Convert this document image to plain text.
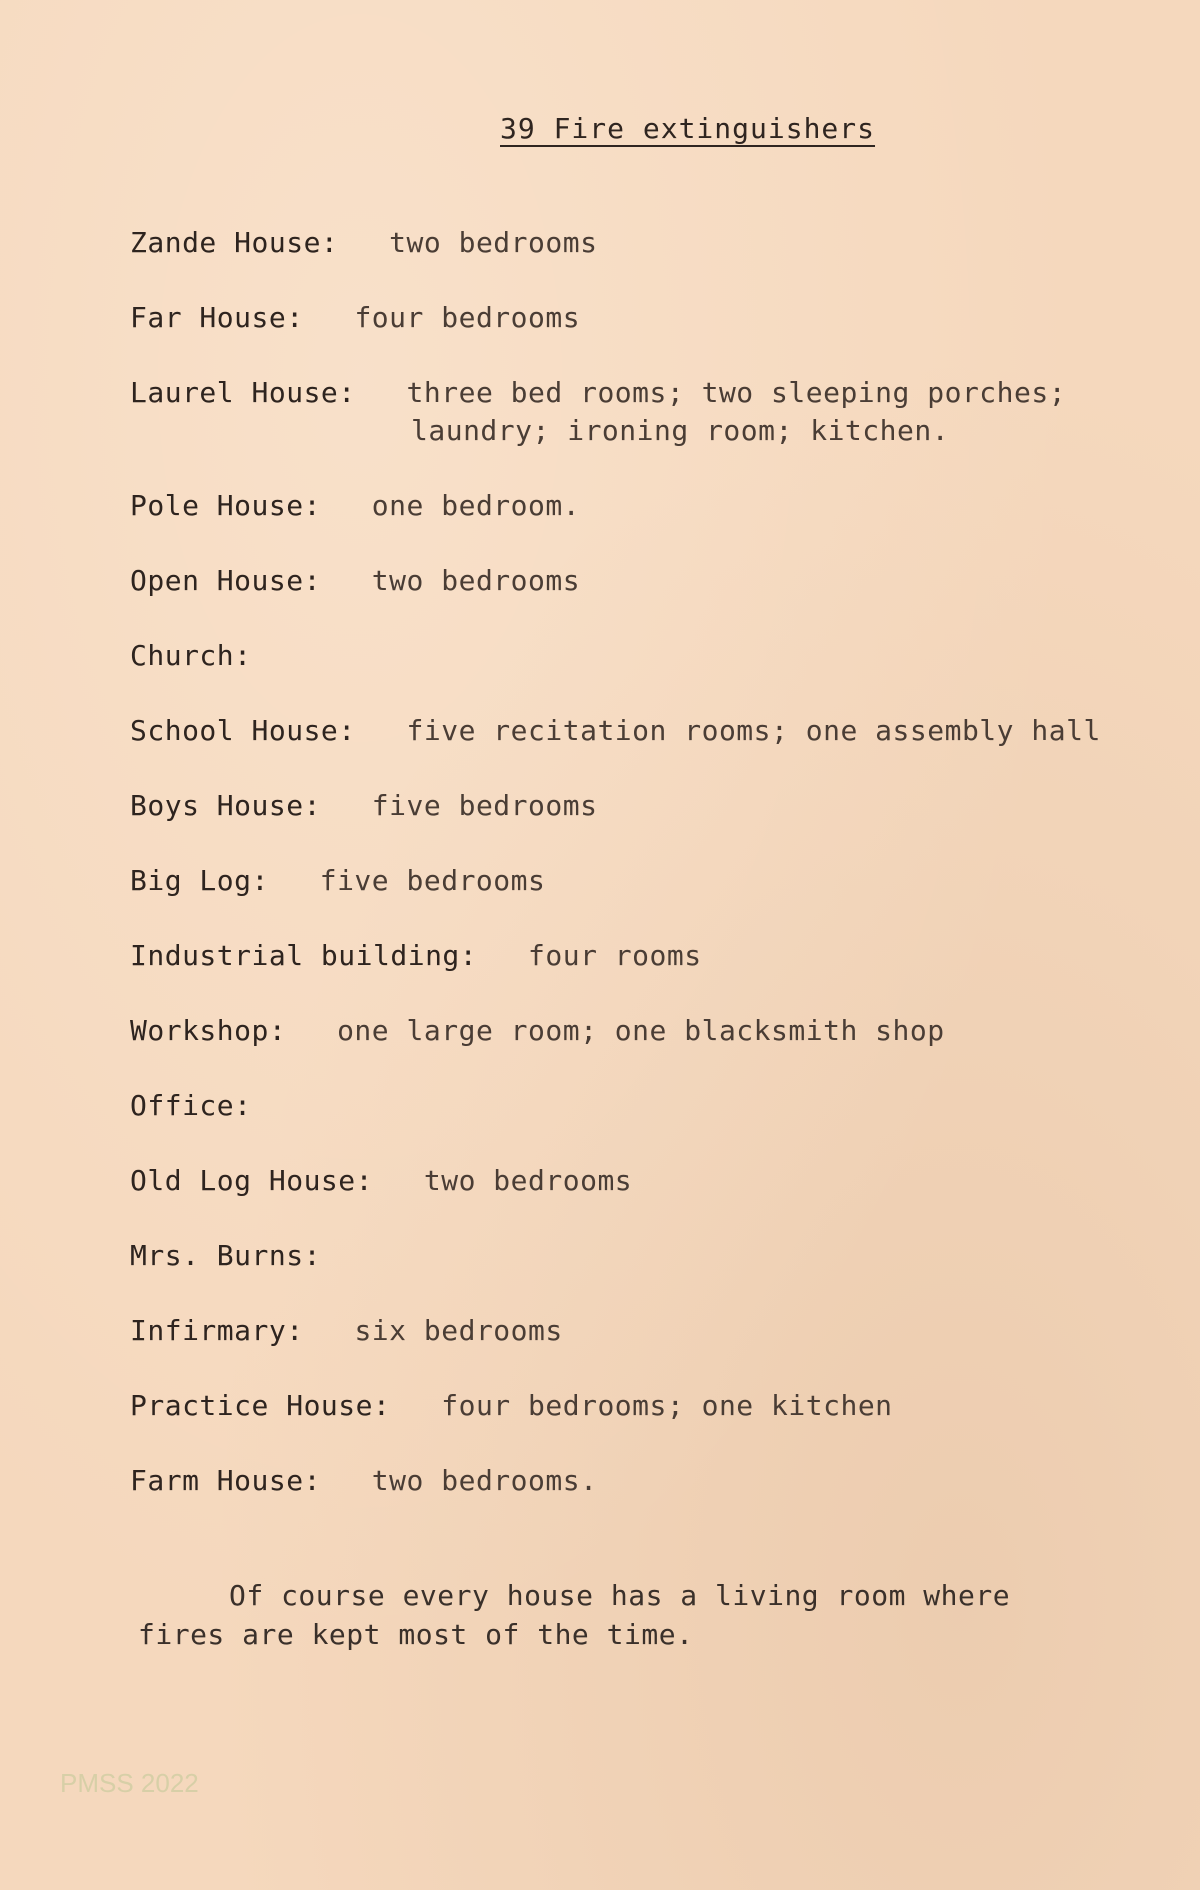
39 Fire extinguishers
Zande House: two bedrooms
Far House: four bedrooms
Laurel House: three bed rooms; two sleeping porches;
laundry; ironing room; kitchen.
Pole House: one bedroom.
Open House: two bedrooms
Church:
School House: five recitation rooms; one assembly hall
Boys House: five bedrooms
Big Log: five bedrooms
Industrial building: four rooms
Workshop: one large room; one blacksmith shop
Office:
Old Log House: two bedrooms
Mrs. Burns:
Infirmary: six bedrooms
Practice House: four bedrooms; one kitchen
Farm House: two bedrooms.
Of course every house has a living room where
fires are kept most of the time.
PMSS 2022
